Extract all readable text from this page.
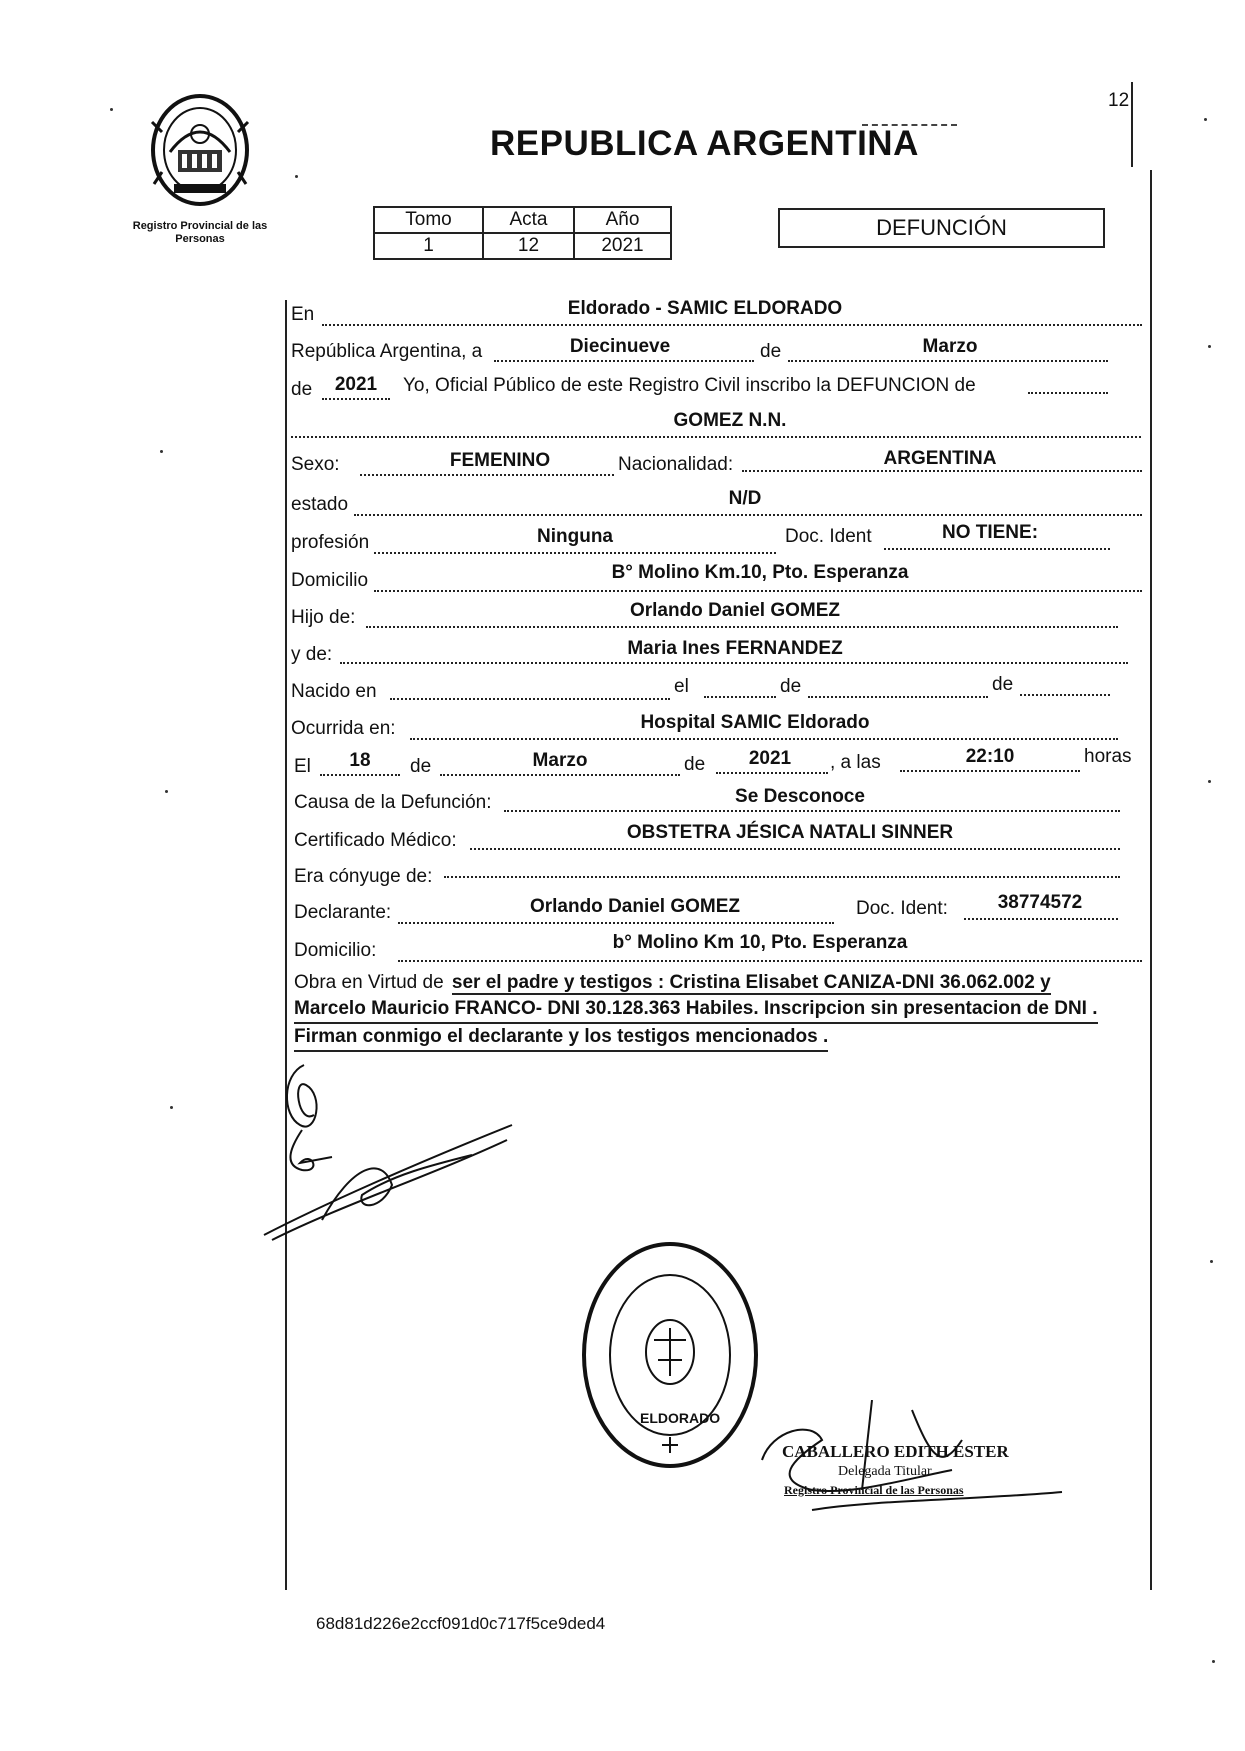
12
Registro Provincial de las Personas
REPUBLICA ARGENTINA
Tomo	Acta	Año
1	12	2021
DEFUNCIÓN
En	Eldorado - SAMIC ELDORADO
República Argentina, a	Diecinueve	de	Marzo
de	2021	Yo, Oficial Público de este Registro Civil inscribo la DEFUNCION de
GOMEZ N.N.
Sexo:	FEMENINO	Nacionalidad:	ARGENTINA
estado	N/D
profesión	Ninguna	Doc. Ident	NO TIENE:
Domicilio	B° Molino Km.10, Pto. Esperanza
Hijo de:	Orlando Daniel GOMEZ
y de:	Maria Ines FERNANDEZ
Nacido en	el	de	de
Ocurrida en:	Hospital SAMIC Eldorado
El	18	de	Marzo	de	2021	, a las	22:10	horas
Causa de la Defunción:	Se Desconoce
Certificado Médico:	OBSTETRA JÉSICA NATALI SINNER
Era cónyuge de:
Declarante:	Orlando Daniel GOMEZ	Doc. Ident:	38774572
Domicilio:	b° Molino Km 10, Pto. Esperanza
Obra en Virtud de ser el padre y testigos : Cristina Elisabet CANIZA-DNI 36.062.002 y
Marcelo Mauricio FRANCO- DNI 30.128.363 Habiles. Inscripcion sin presentacion de DNI .
Firman conmigo el declarante y los testigos mencionados .
ELDORADO
CABALLERO EDITH ESTER
Delegada Titular
Registro Provincial de las Personas
68d81d226e2ccf091d0c717f5ce9ded4
